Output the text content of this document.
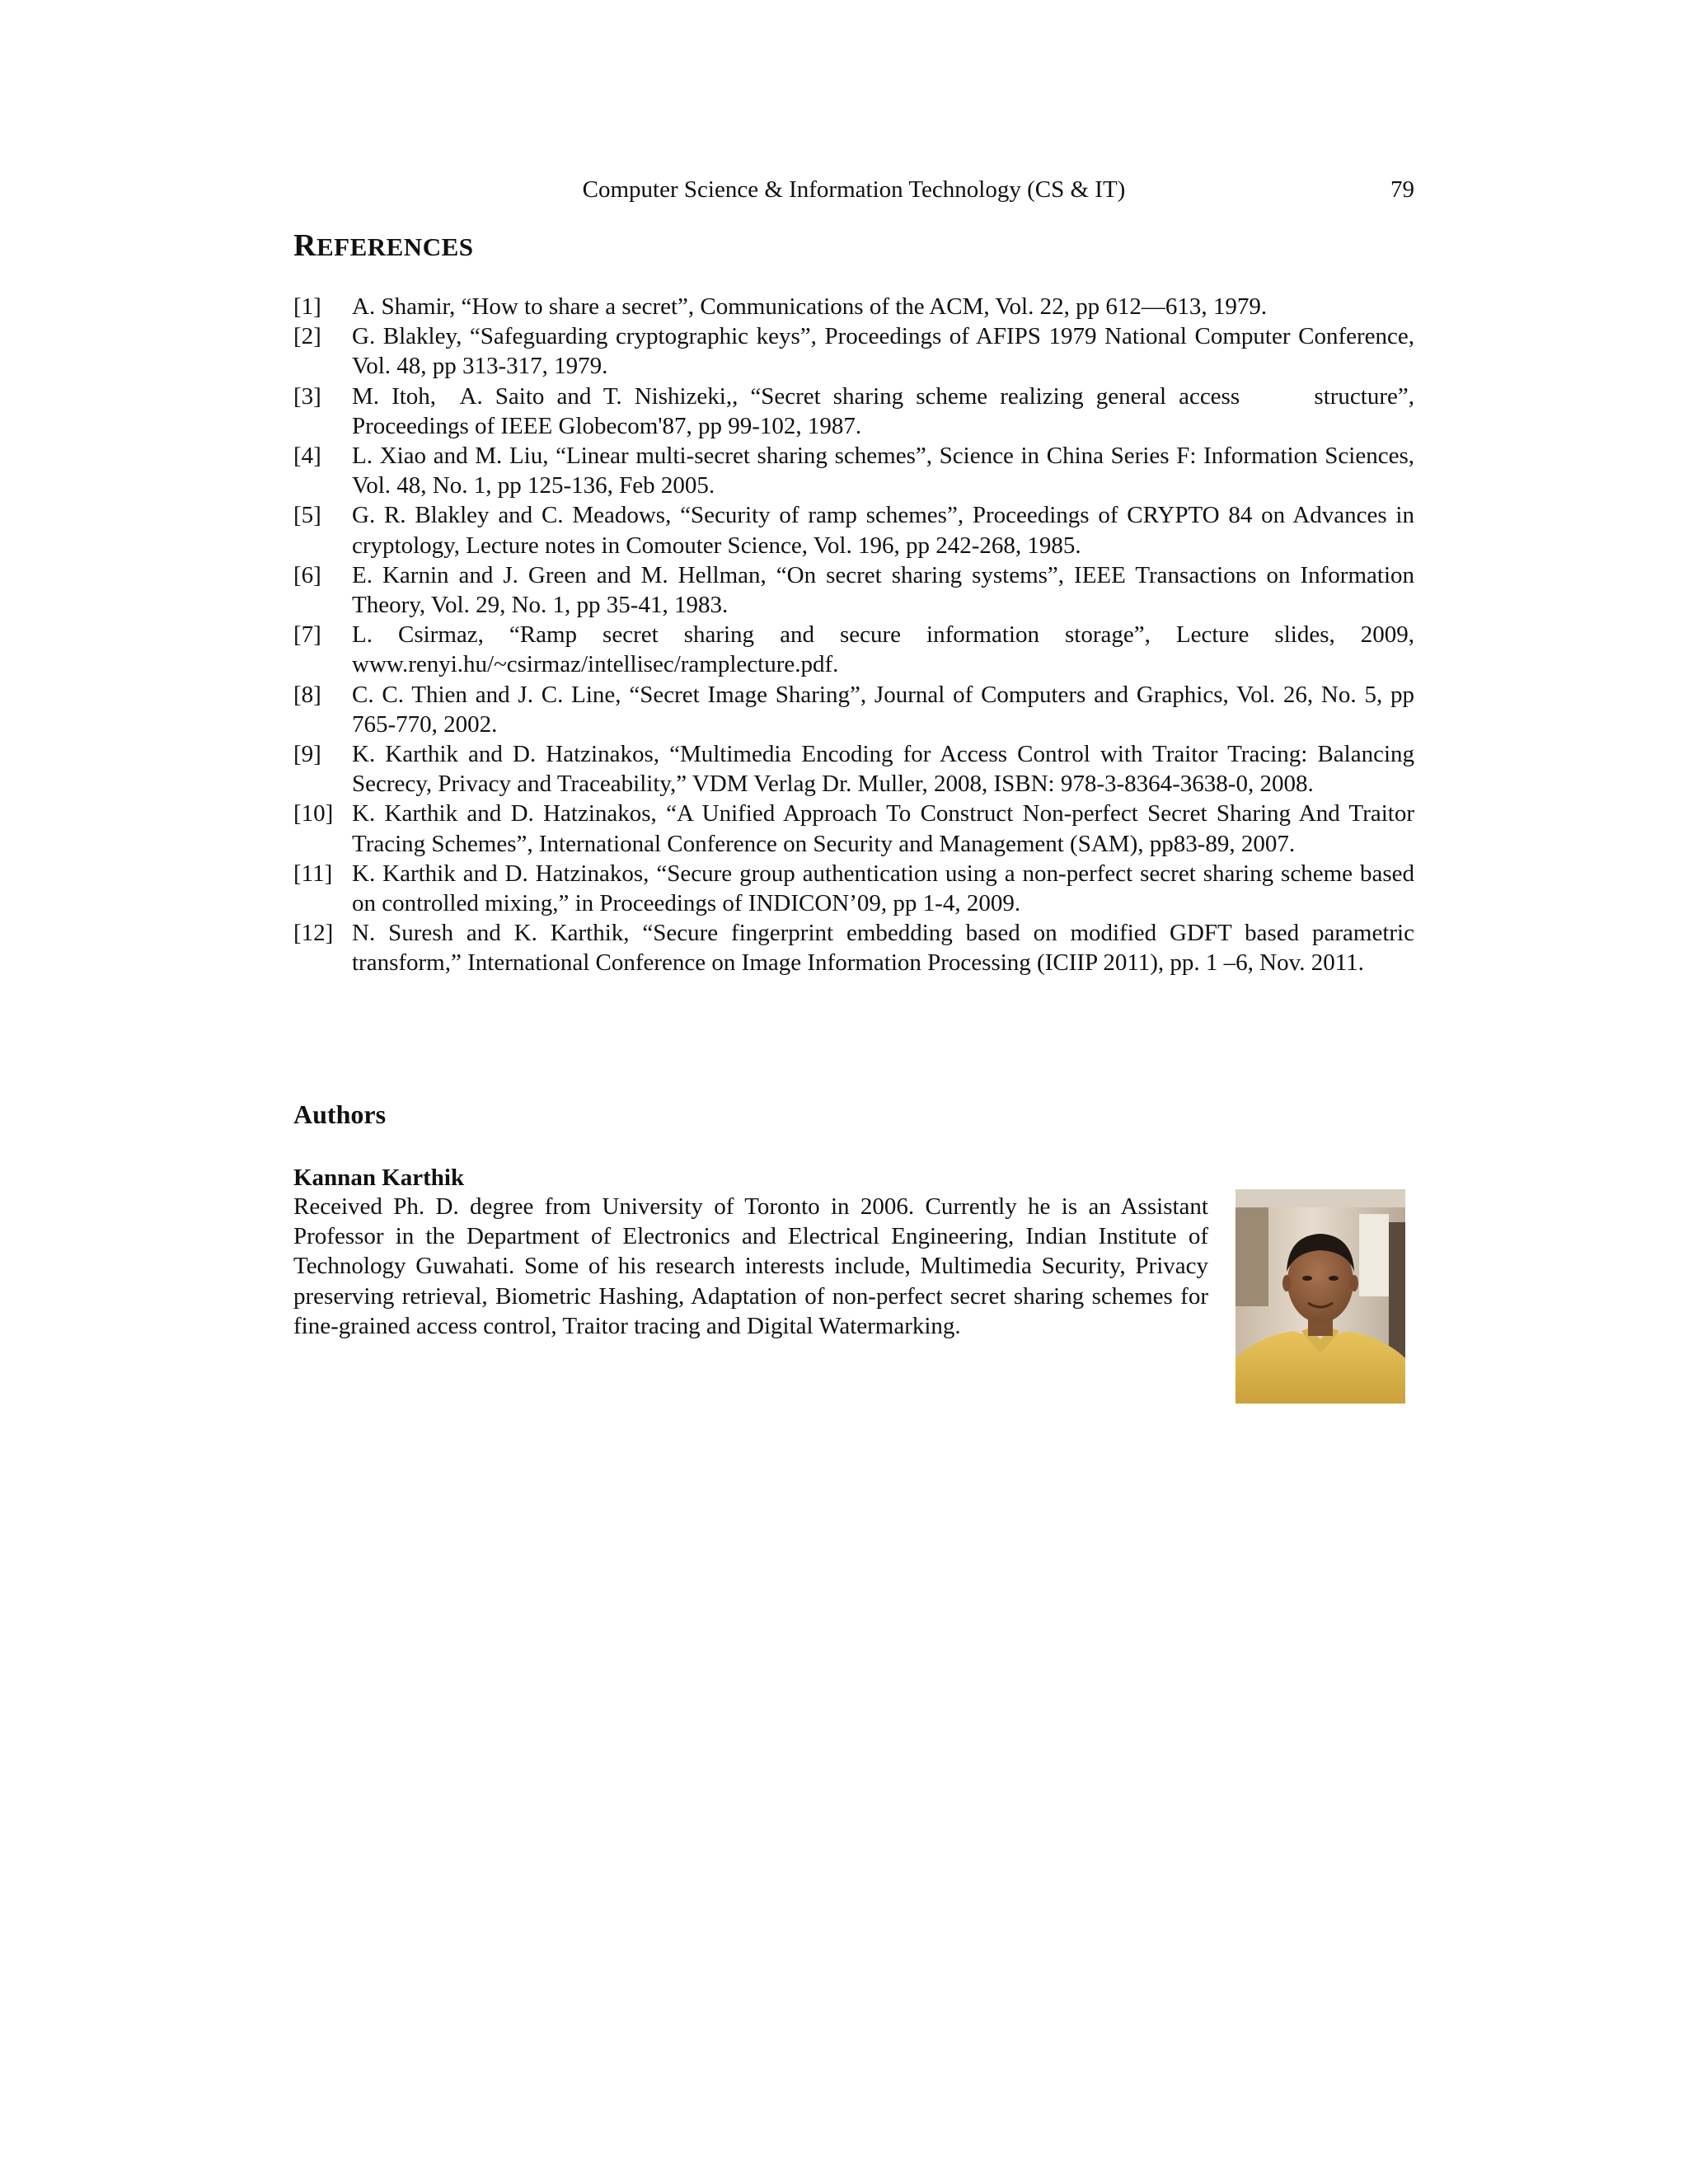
Computer Science & Information Technology (CS & IT)	79
REFERENCES
[1] A. Shamir, “How to share a secret”, Communications of the ACM, Vol. 22, pp 612—613, 1979.
[2] G. Blakley, “Safeguarding cryptographic keys”, Proceedings of AFIPS 1979 National Computer Conference, Vol. 48, pp 313-317, 1979.
[3] M. Itoh,  A. Saito and T. Nishizeki,, “Secret sharing scheme realizing general access      structure”, Proceedings of IEEE Globecom'87, pp 99-102, 1987.
[4] L. Xiao and M. Liu, “Linear multi-secret sharing schemes”, Science in China Series F: Information Sciences, Vol. 48, No. 1, pp 125-136, Feb 2005.
[5] G. R. Blakley and C. Meadows, “Security of ramp schemes”, Proceedings of CRYPTO 84 on Advances in cryptology, Lecture notes in Comouter Science, Vol. 196, pp 242-268, 1985.
[6] E. Karnin and J. Green and M. Hellman, “On secret sharing systems”, IEEE Transactions on Information Theory, Vol. 29, No. 1, pp 35-41, 1983.
[7] L. Csirmaz, “Ramp secret sharing and secure information storage”, Lecture slides, 2009, www.renyi.hu/~csirmaz/intellisec/ramplecture.pdf.
[8] C. C. Thien and J. C. Line, “Secret Image Sharing”, Journal of Computers and Graphics, Vol. 26, No. 5, pp 765-770, 2002.
[9] K. Karthik and D. Hatzinakos, “Multimedia Encoding for Access Control with Traitor Tracing: Balancing Secrecy, Privacy and Traceability,” VDM Verlag Dr. Muller, 2008, ISBN: 978-3-8364-3638-0, 2008.
[10] K. Karthik and D. Hatzinakos, “A Unified Approach To Construct Non-perfect Secret Sharing And Traitor Tracing Schemes”, International Conference on Security and Management (SAM), pp83-89, 2007.
[11] K. Karthik and D. Hatzinakos, “Secure group authentication using a non-perfect secret sharing scheme based on controlled mixing,” in Proceedings of INDICON’09, pp 1-4, 2009.
[12] N. Suresh and K. Karthik, “Secure fingerprint embedding based on modified GDFT based parametric transform,” International Conference on Image Information Processing (ICIIP 2011), pp. 1 –6, Nov. 2011.
Authors
Kannan Karthik

Received Ph. D. degree from University of Toronto in 2006. Currently he is an Assistant Professor in the Department of Electronics and Electrical Engineering, Indian Institute of Technology Guwahati. Some of his research interests include, Multimedia Security, Privacy preserving retrieval, Biometric Hashing, Adaptation of non-perfect secret sharing schemes for fine-grained access control, Traitor tracing and Digital Watermarking.
